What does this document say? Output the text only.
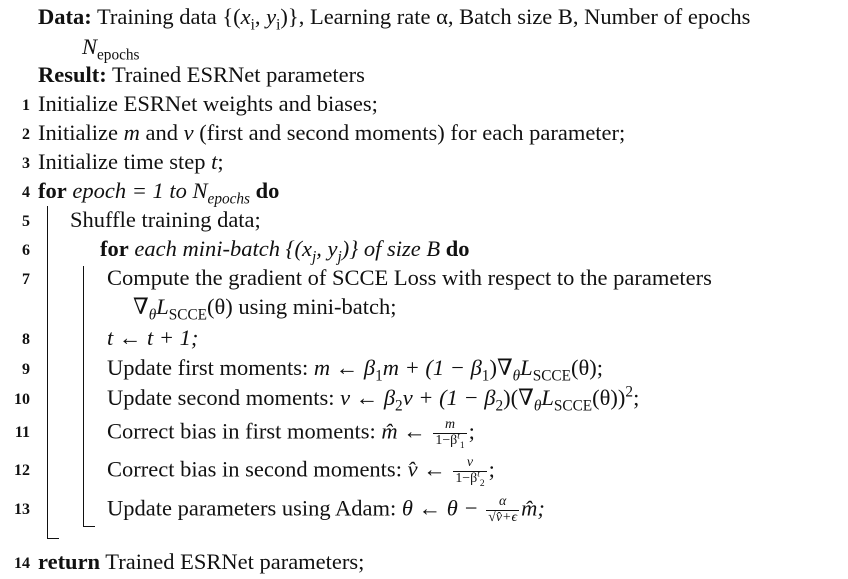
Data: Training data {($x_i$, $y_i$)}, Learning rate α, Batch size B, Number of epochs
$N_{epochs}$
Result: Trained ESRNet parameters
1 Initialize ESRNet weights and biases;
2 Initialize m and v (first and second moments) for each parameter;
3 Initialize time step t;
4 for epoch = 1 to $N_{epochs}$ do
5 Shuffle training data;
6	for each mini-batch {($x_j$, $y_j$)} of size B do
7	Compute the gradient of SCCE Loss with respect to the parameters
$\nabla_\theta L_{SCCE}(\theta)$ using mini-batch;
8	t ← t + 1;
9	Update first moments: m ← $\beta_1m + (1 - \beta_1)\nabla_\theta L_{SCCE}(\theta)$;
10	Update second moments: v ← $\beta_2v + (1 - \beta_2)(\nabla_\theta L_{SCCE}(\theta))^2$;
11	Correct bias in first moments: m̂ ← $\frac{m}{1-\beta^t_1}$ ;
12	Correct bias in second moments: v̂ ← $\frac{v}{1-\beta^t_2}$ ;
13	Update parameters using Adam: θ ← $\theta - \frac{\alpha}{√v̂+\epsilon}$ m̂;
14 return Trained ESRNet parameters;
